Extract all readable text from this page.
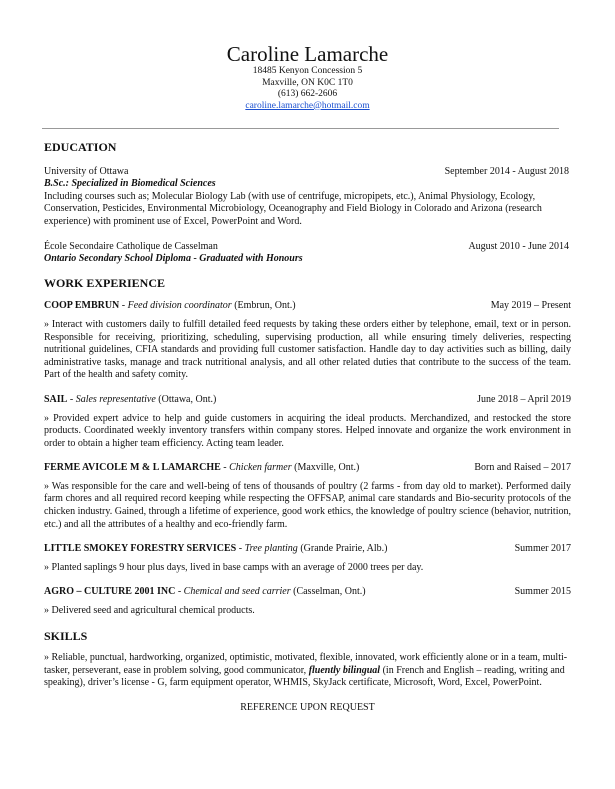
Caroline Lamarche
18485 Kenyon Concession 5
Maxville, ON K0C 1T0
(613) 662-2606
caroline.lamarche@hotmail.com
EDUCATION
University of Ottawa	September 2014 - August 2018
B.Sc.: Specialized in Biomedical Sciences
Including courses such as; Molecular Biology Lab (with use of centrifuge, micropipets, etc.), Animal Physiology, Ecology, Conservation, Pesticides, Environmental Microbiology, Oceanography and Field Biology in Colorado and Arizona (research experience) with prominent use of Excel, PowerPoint and Word.
École Secondaire Catholique de Casselman	August 2010 - June 2014
Ontario Secondary School Diploma - Graduated with Honours
WORK EXPERIENCE
COOP EMBRUN - Feed division coordinator (Embrun, Ont.)	May 2019 – Present
» Interact with customers daily to fulfill detailed feed requests by taking these orders either by telephone, email, text or in person. Responsible for receiving, prioritizing, scheduling, supervising production, all while ensuring timely deliveries, respecting nutritional guidelines, CFIA standards and providing full customer satisfaction. Handle day to day activities such as billing, daily administrative tasks, manage and track nutritional analysis, and all other related duties that contribute to the success of the team. Part of the health and safety comity.
SAIL - Sales representative (Ottawa, Ont.)	June 2018 – April 2019
» Provided expert advice to help and guide customers in acquiring the ideal products. Merchandized, and restocked the store products. Coordinated weekly inventory transfers within company stores. Helped innovate and organize the work environment in order to obtain a higher team efficiency. Acting team leader.
FERME AVICOLE M & L LAMARCHE - Chicken farmer (Maxville, Ont.)	Born and Raised – 2017
» Was responsible for the care and well-being of tens of thousands of poultry (2 farms - from day old to market). Performed daily farm chores and all required record keeping while respecting the OFFSAP, animal care standards and Bio-security protocols of the chicken industry. Gained, through a lifetime of experience, good work ethics, the knowledge of poultry science (behavior, nutrition, etc.) and all the attributes of a healthy and eco-friendly farm.
LITTLE SMOKEY FORESTRY SERVICES - Tree planting (Grande Prairie, Alb.)	Summer 2017
» Planted saplings 9 hour plus days, lived in base camps with an average of 2000 trees per day.
AGRO – CULTURE 2001 INC - Chemical and seed carrier (Casselman, Ont.)	Summer 2015
» Delivered seed and agricultural chemical products.
SKILLS
» Reliable, punctual, hardworking, organized, optimistic, motivated, flexible, innovated, work efficiently alone or in a team, multi-tasker, perseverant, ease in problem solving, good communicator, fluently bilingual (in French and English – reading, writing and speaking), driver’s license - G, farm equipment operator, WHMIS, SkyJack certificate, Microsoft, Word, Excel, PowerPoint.
REFERENCE UPON REQUEST
